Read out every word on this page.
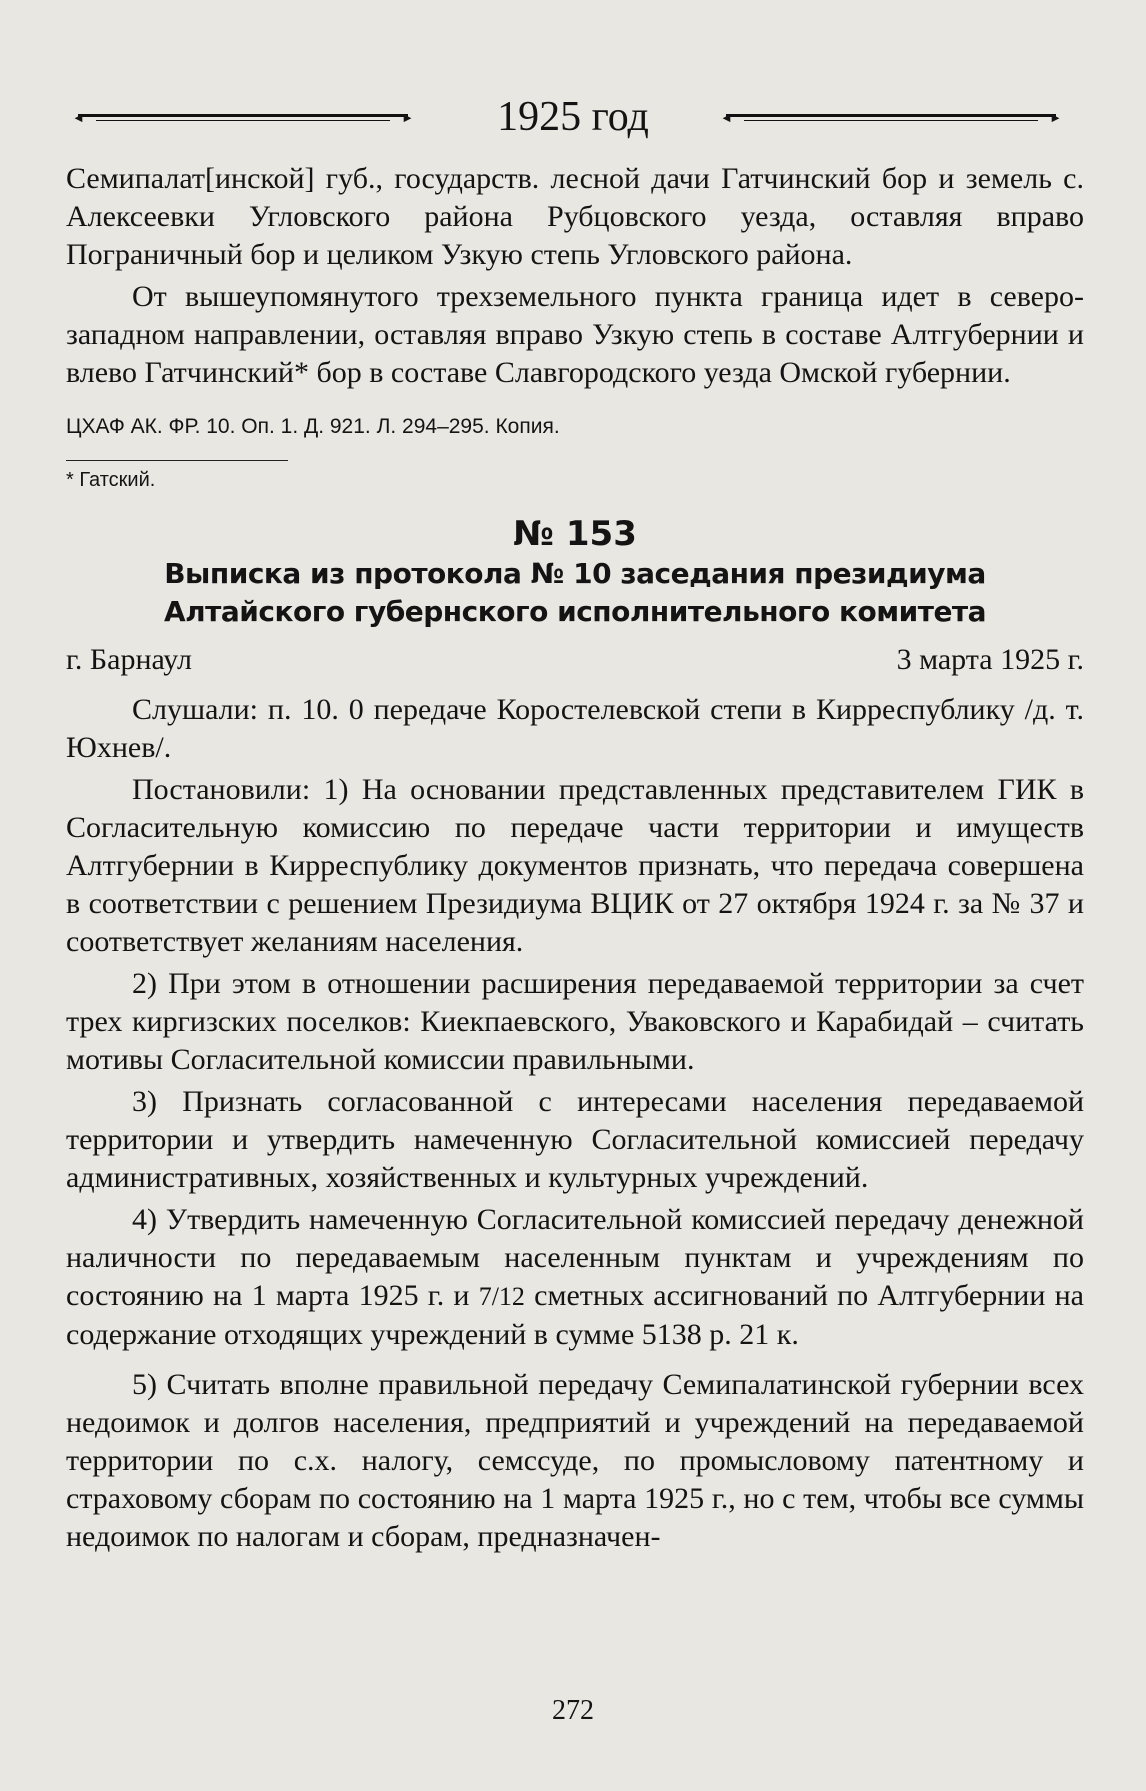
◄	►	1925 год	◄	►

Семипалат[инской] губ., государств. лесной дачи Гатчинский бор и земель с. Алексеевки Угловского района Рубцовского уезда, оставляя вправо Пограничный бор и целиком Узкую степь Угловского района.

От вышеупомянутого трехземельного пункта граница идет в северо-западном направлении, оставляя вправо Узкую степь в составе Алтгубернии и влево Гатчинский* бор в составе Славгородского уезда Омской губернии.

ЦХАФ АК. ФР. 10. Оп. 1. Д. 921. Л. 294–295. Копия.

* Гатский.

№ 153
Выписка из протокола № 10 заседания президиума
Алтайского губернского исполнительного комитета
г. Барнаул	3 марта 1925 г.

Слушали: п. 10. 0 передаче Коростелевской степи в Кирреспублику /д. т. Юхнев/.

Постановили: 1) На основании представленных представителем ГИК в Согласительную комиссию по передаче части территории и имуществ Алтгубернии в Кирреспублику документов признать, что передача совершена в соответствии с решением Президиума ВЦИК от 27 октября 1924 г. за № 37 и соответствует желаниям населения.

2) При этом в отношении расширения передаваемой территории за счет трех киргизских поселков: Киекпаевского, Уваковского и Карабидай – считать мотивы Согласительной комиссии правильными.

3) Признать согласованной с интересами населения передаваемой территории и утвердить намеченную Согласительной комиссией передачу административных, хозяйственных и культурных учреждений.

4) Утвердить намеченную Согласительной комиссией передачу денежной наличности по передаваемым населенным пунктам и учреждениям по состоянию на 1 марта 1925 г. и 7/12 сметных ассигнований по Алтгубернии на содержание отходящих учреждений в сумме 5138 р. 21 к.

5) Считать вполне правильной передачу Семипалатинской губернии всех недоимок и долгов населения, предприятий и учреждений на передаваемой территории по с.х. налогу, семссуде, по промысловому патентному и страховому сборам по состоянию на 1 марта 1925 г., но с тем, чтобы все суммы недоимок по налогам и сборам, предназначен-

272
